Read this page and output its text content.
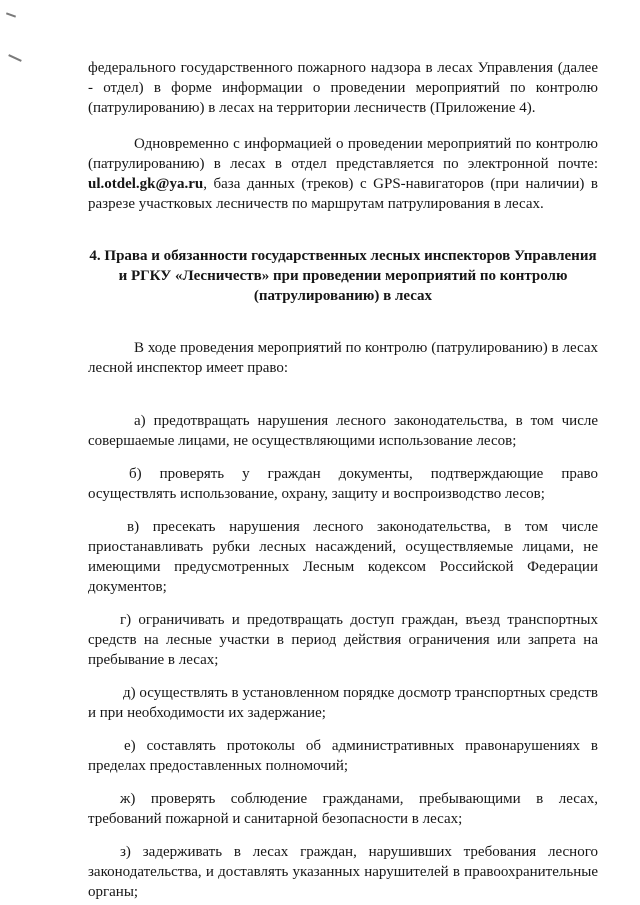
федерального государственного пожарного надзора в лесах Управления (далее - отдел) в форме информации о проведении мероприятий по контролю (патрулированию) в лесах на территории лесничеств (Приложение 4).

Одновременно с информацией о проведении мероприятий по контролю (патрулированию) в лесах в отдел представляется по электронной почте: ul.otdel.gk@ya.ru, база данных (треков) с GPS-навигаторов (при наличии) в разрезе участковых лесничеств по маршрутам патрулирования в лесах.

4. Права и обязанности государственных лесных инспекторов Управления и РГКУ «Лесничеств» при проведении мероприятий по контролю (патрулированию) в лесах

В ходе проведения мероприятий по контролю (патрулированию) в лесах лесной инспектор имеет право:

а) предотвращать нарушения лесного законодательства, в том числе совершаемые лицами, не осуществляющими использование лесов;

б) проверять у граждан документы, подтверждающие право осуществлять использование, охрану, защиту и воспроизводство лесов;

в) пресекать нарушения лесного законодательства, в том числе приостанавливать рубки лесных насаждений, осуществляемые лицами, не имеющими предусмотренных Лесным кодексом Российской Федерации документов;

г) ограничивать и предотвращать доступ граждан, въезд транспортных средств на лесные участки в период действия ограничения или запрета на пребывание в лесах;

д) осуществлять в установленном порядке досмотр транспортных средств и при необходимости их задержание;

е) составлять протоколы об административных правонарушениях в пределах предоставленных полномочий;

ж) проверять соблюдение гражданами, пребывающими в лесах, требований пожарной и санитарной безопасности в лесах;

з) задерживать в лесах граждан, нарушивших требования лесного законодательства, и доставлять указанных нарушителей в правоохранительные органы;
